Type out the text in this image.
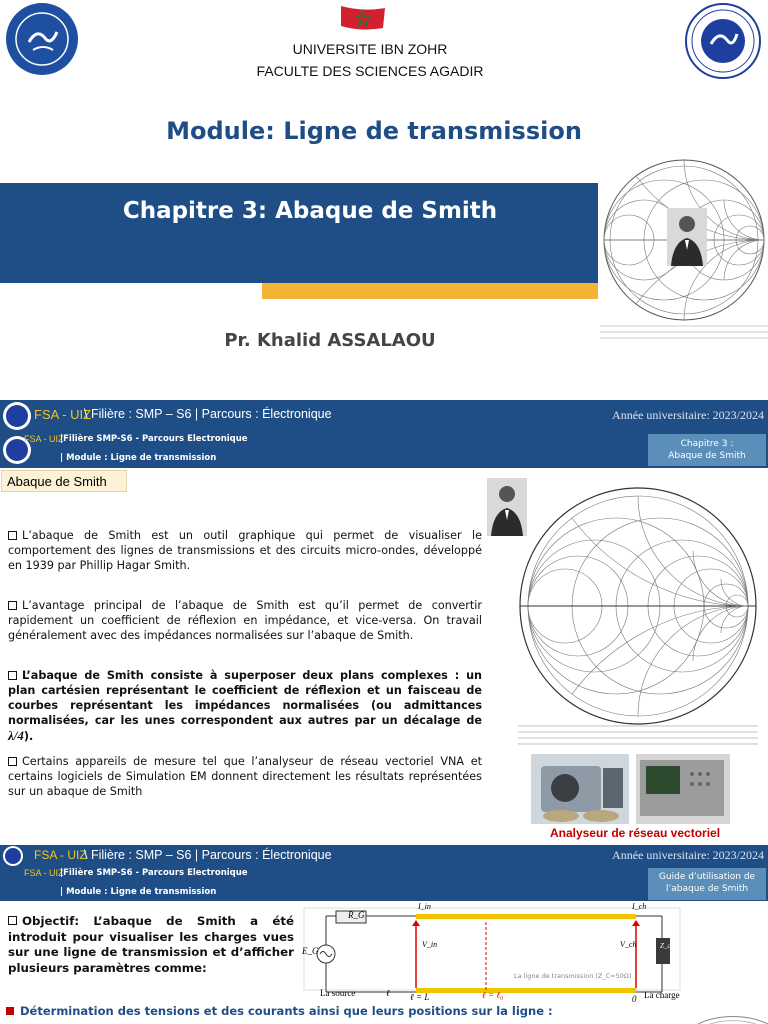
UNIVERSITE IBN ZOHR
FACULTE DES SCIENCES AGADIR
Module: Ligne de transmission
Chapitre 3: Abaque de Smith
Pr. Khalid ASSALAOU
FSA - UIZ
\ Filière : SMP – S6 | Parcours : Électronique	Année universitaire: 2023/2024
FSA - UIZ
|Filière SMP-S6 - Parcours Electronique
| Module : Ligne de transmission
Chapitre 3 :
Abaque de Smith
Abaque de Smith
L’abaque de Smith est un outil graphique qui permet de visualiser le comportement des lignes de transmissions et des circuits micro-ondes, développé en 1939 par Phillip Hagar Smith.
L’avantage principal de l’abaque de Smith est qu’il permet de convertir rapidement un coefficient de réflexion en impédance, et vice-versa. On travail généralement avec des impédances normalisées sur l’abaque de Smith.
L’abaque de Smith consiste à superposer deux plans complexes : un plan cartésien représentant le coefficient de réflexion et un faisceau de courbes représentant les impédances normalisées (ou admittances normalisées, car les unes correspondent aux autres par un décalage de λ/4).
Certains appareils de mesure tel que l’analyseur de réseau vectoriel VNA et certains logiciels de Simulation EM donnent directement les résultats représentées sur un abaque de Smith
Analyseur de réseau vectoriel
FSA - UIZ
\ Filière : SMP – S6 | Parcours : Électronique	Année universitaire: 2023/2024
FSA - UIZ
|Filière SMP-S6 - Parcours Electronique
| Module : Ligne de transmission
Guide d’utilisation de
l’abaque de Smith
Objectif: L’abaque de Smith a été introduit pour visualiser les charges vues sur une ligne de transmission et d’afficher plusieurs paramètres comme:
Détermination des tensions et des courants ainsi que leurs positions sur la ligne :
R_G
E_G
I_in	I_ch
V_in	V_ch	Z_ch
La ligne de transmission (Z_C=50Ω)
La source	La charge
ℓ ℓ = L	ℓ = ℓ₀	0
